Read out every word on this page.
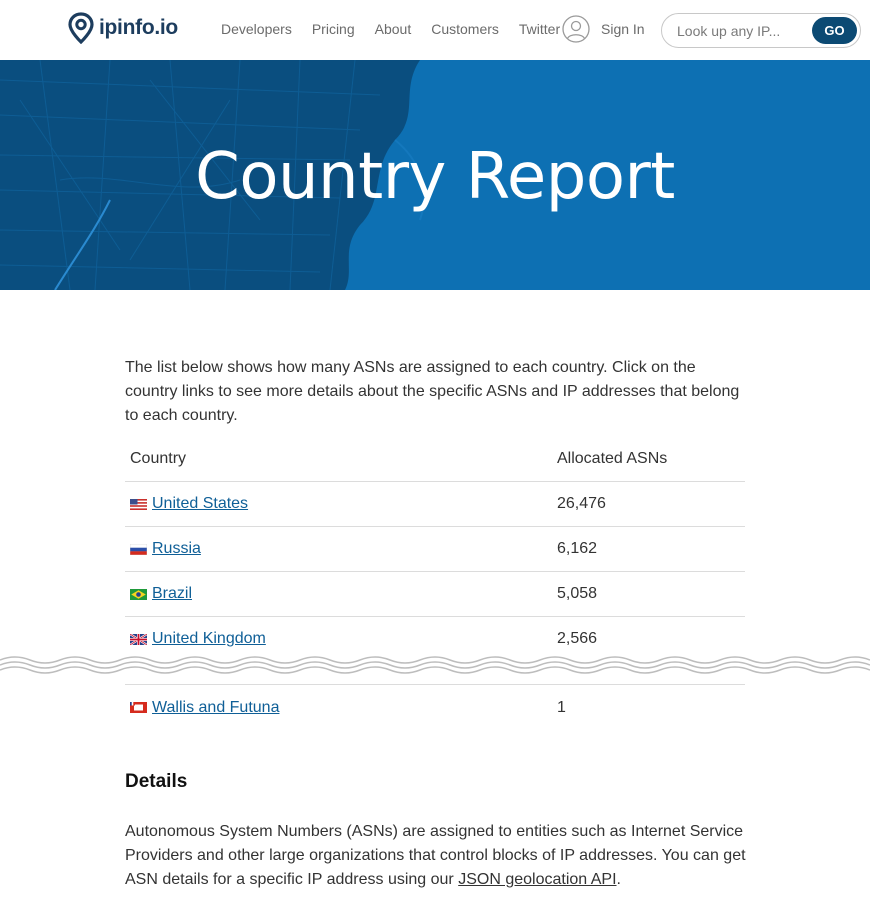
ipinfo.io	Developers Pricing About Customers Twitter	Sign In
Look up any IP...	GO
Country Report

The list below shows how many ASNs are assigned to each country. Click on the country links to see more details about the specific ASNs and IP addresses that belong to each country.

Country	Allocated ASNs
United States	26,476
Russia	6,162
Brazil	5,058
United Kingdom	2,566
Wallis and Futuna	1
Details

Autonomous System Numbers (ASNs) are assigned to entities such as Internet Service Providers and other large organizations that control blocks of IP addresses. You can get ASN details for a specific IP address using our JSON geolocation API.
